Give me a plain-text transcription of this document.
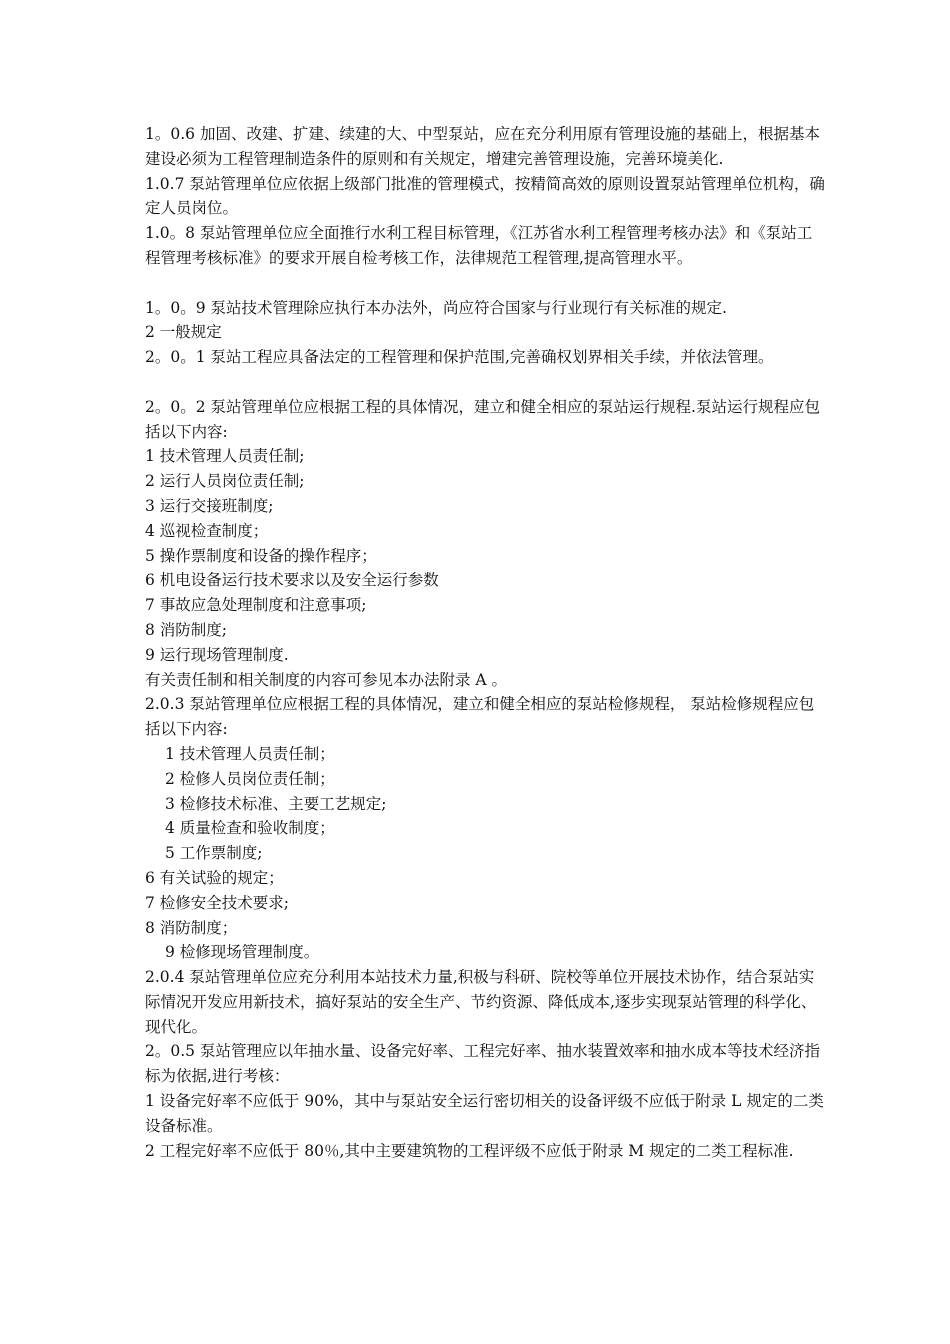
1。0.6 加固、改建、扩建、续建的大、中型泵站，应在充分利用原有管理设施的基础上，根据基本建设必须为工程管理制造条件的原则和有关规定，增建完善管理设施，完善环境美化.
1.0.7 泵站管理单位应依据上级部门批准的管理模式，按精简高效的原则设置泵站管理单位机构，确定人员岗位。
1.0。8 泵站管理单位应全面推行水利工程目标管理，《江苏省水利工程管理考核办法》和《泵站工程管理考核标准》的要求开展自检考核工作，法律规范工程管理,提高管理水平。
1。0。9 泵站技术管理除应执行本办法外，尚应符合国家与行业现行有关标准的规定.
2 一般规定
2。0。1 泵站工程应具备法定的工程管理和保护范围,完善确权划界相关手续，并依法管理。
2。0。2 泵站管理单位应根据工程的具体情况，建立和健全相应的泵站运行规程.泵站运行规程应包括以下内容:
1 技术管理人员责任制;
2 运行人员岗位责任制;
3 运行交接班制度;
4 巡视检查制度；
5 操作票制度和设备的操作程序；
6 机电设备运行技术要求以及安全运行参数
7 事故应急处理制度和注意事项;
8 消防制度;
9 运行现场管理制度.
有关责任制和相关制度的内容可参见本办法附录 A 。
2.0.3 泵站管理单位应根据工程的具体情况，建立和健全相应的泵站检修规程， 泵站检修规程应包括以下内容:
1 技术管理人员责任制；
2 检修人员岗位责任制；
3 检修技术标准、主要工艺规定;
4 质量检查和验收制度；
5 工作票制度;
6 有关试验的规定；
7 检修安全技术要求;
8 消防制度；
9 检修现场管理制度。
2.0.4 泵站管理单位应充分利用本站技术力量,积极与科研、院校等单位开展技术协作，结合泵站实际情况开发应用新技术，搞好泵站的安全生产、节约资源、降低成本,逐步实现泵站管理的科学化、现代化。
2。0.5 泵站管理应以年抽水量、设备完好率、工程完好率、抽水装置效率和抽水成本等技术经济指标为依据,进行考核：
1 设备完好率不应低于 90%，其中与泵站安全运行密切相关的设备评级不应低于附录 L 规定的二类设备标准。
2 工程完好率不应低于 80％,其中主要建筑物的工程评级不应低于附录 M 规定的二类工程标准.
